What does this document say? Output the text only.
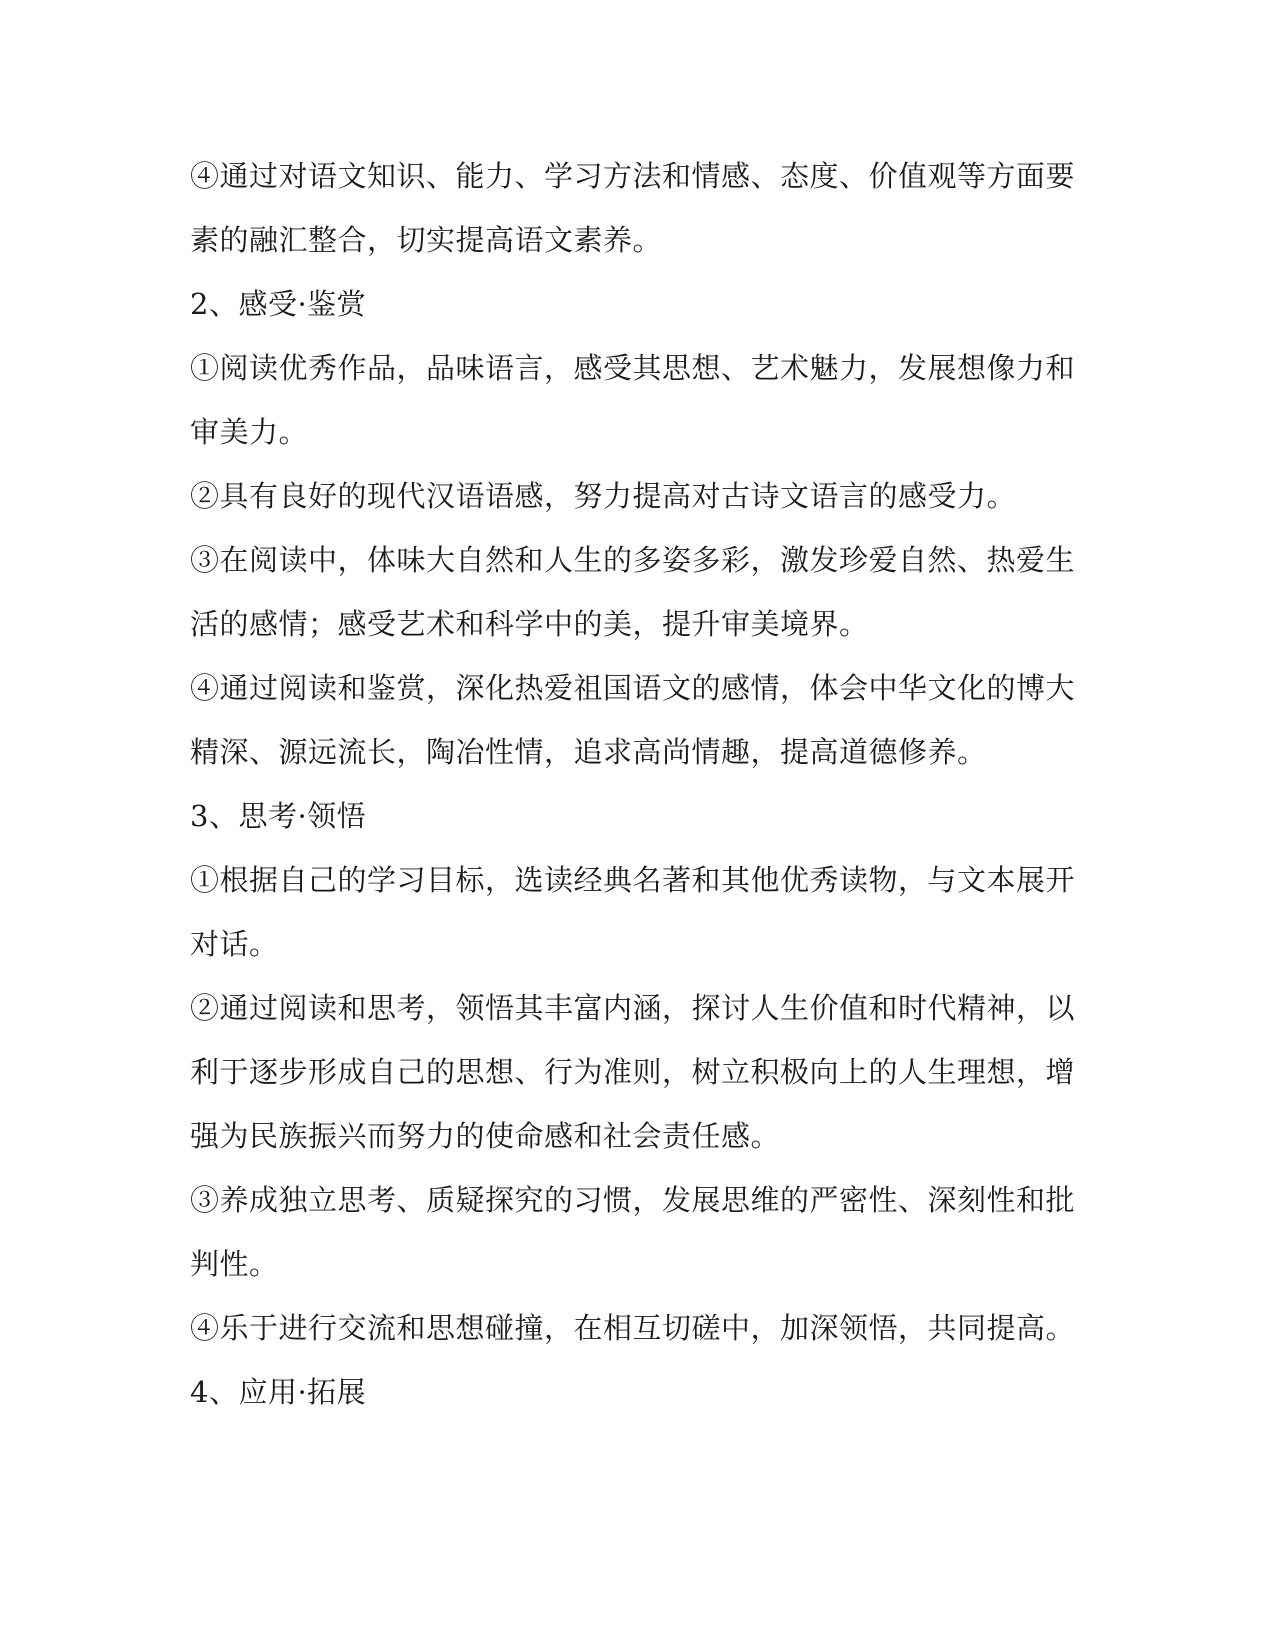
④通过对语文知识、能力、学习方法和情感、态度、价值观等方面要
素的融汇整合，切实提高语文素养。
2、感受·鉴赏
①阅读优秀作品，品味语言，感受其思想、艺术魅力，发展想像力和
审美力。
②具有良好的现代汉语语感，努力提高对古诗文语言的感受力。
③在阅读中，体味大自然和人生的多姿多彩，激发珍爱自然、热爱生
活的感情；感受艺术和科学中的美，提升审美境界。
④通过阅读和鉴赏，深化热爱祖国语文的感情，体会中华文化的博大
精深、源远流长，陶冶性情，追求高尚情趣，提高道德修养。
3、思考·领悟
①根据自己的学习目标，选读经典名著和其他优秀读物，与文本展开
对话。
②通过阅读和思考，领悟其丰富内涵，探讨人生价值和时代精神，以
利于逐步形成自己的思想、行为准则，树立积极向上的人生理想，增
强为民族振兴而努力的使命感和社会责任感。
③养成独立思考、质疑探究的习惯，发展思维的严密性、深刻性和批
判性。
④乐于进行交流和思想碰撞，在相互切磋中，加深领悟，共同提高。
4、应用·拓展
